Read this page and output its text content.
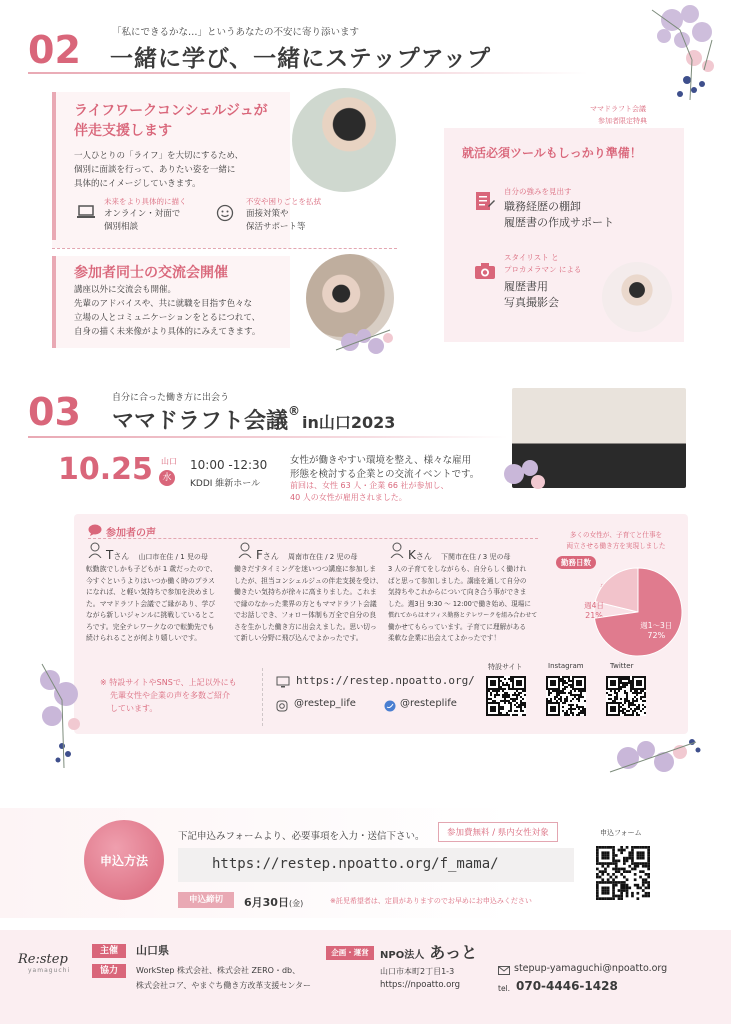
02	「私にできるかな…」というあなたの不安に寄り添います
一緒に学び、一緒にステップアップ
ライフワークコンシェルジュが
伴走支援します
一人ひとりの「ライフ」を大切にするため、
個別に面談を行って、ありたい姿を一緒に
具体的にイメージしていきます。
未来をより具体的に描く
オンライン・対面で
個別相談
不安や困りごとを払拭
面接対策や
保活サポート等
参加者同士の交流会開催
講座以外に交流会も開催。
先輩のアドバイスや、共に就職を目指す色々な
立場の人とコミュニケーションをとるにつれて、
自身の描く未来像がより具体的にみえてきます。
ママドラフト会議
参加者限定特典
就活必須ツールもしっかり準備！
自分の強みを見出す
職務経歴の棚卸
履歴書の作成サポート
スタイリスト と
プロカメラマン による
履歴書用
写真撮影会
03	自分に合った働き方に出会う
ママドラフト会議®in山口2023
10.25 山口
水
10:00 -12:30
KDDI 維新ホール
女性が働きやすい環境を整え、様々な雇用
形態を検討する企業との交流イベントです。
前回は、女性 63 人・企業 66 社が参加し、
40 人の女性が雇用されました。
参加者の声
Tさん 山口市在住 / 1 児の母
転勤族でしかも子どもが 1 歳だったので、
今すぐというよりはいつか働く時のプラス
になれば、と軽い気持ちで参加を決めまし
た。ママドラフト会議でご縁があり、学び
ながら新しいジャンルに挑戦しているとこ
ろです。完全テレワークなので転勤先でも
続けられることが何より嬉しいです。
Fさん 周南市在住 / 2 児の母
働きだすタイミングを迷いつつ講座に参加しま
したが、担当コンシェルジュの伴走支援を受け、
働きたい気持ちが徐々に高まりました。これま
で縁のなかった業界の方ともママドラフト会議
でお話しでき、フォロー体制も万全で自分の良
さを生かした働き方に出会えました。思い切っ
て新しい分野に飛び込んでよかったです。
Kさん 下関市在住 / 3 児の母
3 人の子育てをしながらも、自分らしく働けれ
ばと思って参加しました。講座を通して自分の
気持ちやこれからについて向き合う事ができま
した。週3日 9:30 〜 12:00で働き始め、現場に
慣れてからはオフィス勤務とテレワークを組み合わせて
働かせてもらっています。子育てに理解がある
柔軟な企業に出会えてよかったです！
多くの女性が、子育てと仕事を
両立させる働き方を実現しました
勤務日数
週4日
21%
週1〜3日
72%
※ 特設サイトやSNSで、上記以外にも
先輩女性や企業の声を多数ご紹介
しています。
https://restep.npoatto.org/
@restep_life	@resteplife
特設サイト	Instagram	Twitter
申込方法
下記申込みフォームより、必要事項を入力・送信下さい。	参加費無料 / 県内女性対象
https://restep.npoatto.org/f_mama/
申込締切	6月30日(金)	※託児希望者は、定員がありますのでお早めにお申込みください
申込フォーム
Re:step
yamaguchi
主催	山口県
協力	WorkStep 株式会社、株式会社 ZERO・db、
株式会社コア、やまぐち働き方改革支援センター
企画・運営	NPO法人 あっと
山口市本町2丁目1-3
https://npoatto.org
stepup-yamaguchi@npoatto.org
tel. 070-4446-1428
